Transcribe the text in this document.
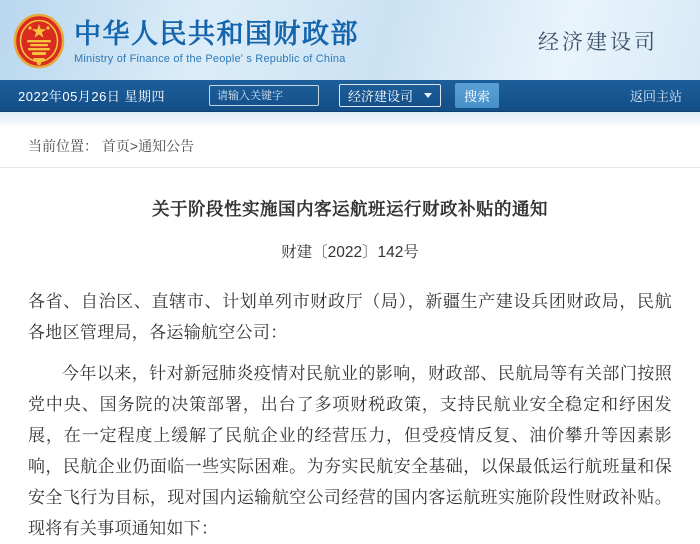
中华人民共和国财政部
Ministry of Finance of the People' s Republic of China
经济建设司
2022年05月26日 星期四
请输入关键字	经济建设司	搜索	返回主站
当前位置： 首页>通知公告
关于阶段性实施国内客运航班运行财政补贴的通知
财建〔2022〕142号

各省、自治区、直辖市、计划单列市财政厅（局），新疆生产建设兵团财政局，民航各地区管理局，各运输航空公司：

今年以来，针对新冠肺炎疫情对民航业的影响，财政部、民航局等有关部门按照党中央、国务院的决策部署，出台了多项财税政策，支持民航业安全稳定和纾困发展，在一定程度上缓解了民航企业的经营压力，但受疫情反复、油价攀升等因素影响，民航企业仍面临一些实际困难。为夯实民航安全基础，以保最低运行航班量和保安全飞行为目标，现对国内运输航空公司经营的国内客运航班实施阶段性财政补贴。现将有关事项通知如下：
